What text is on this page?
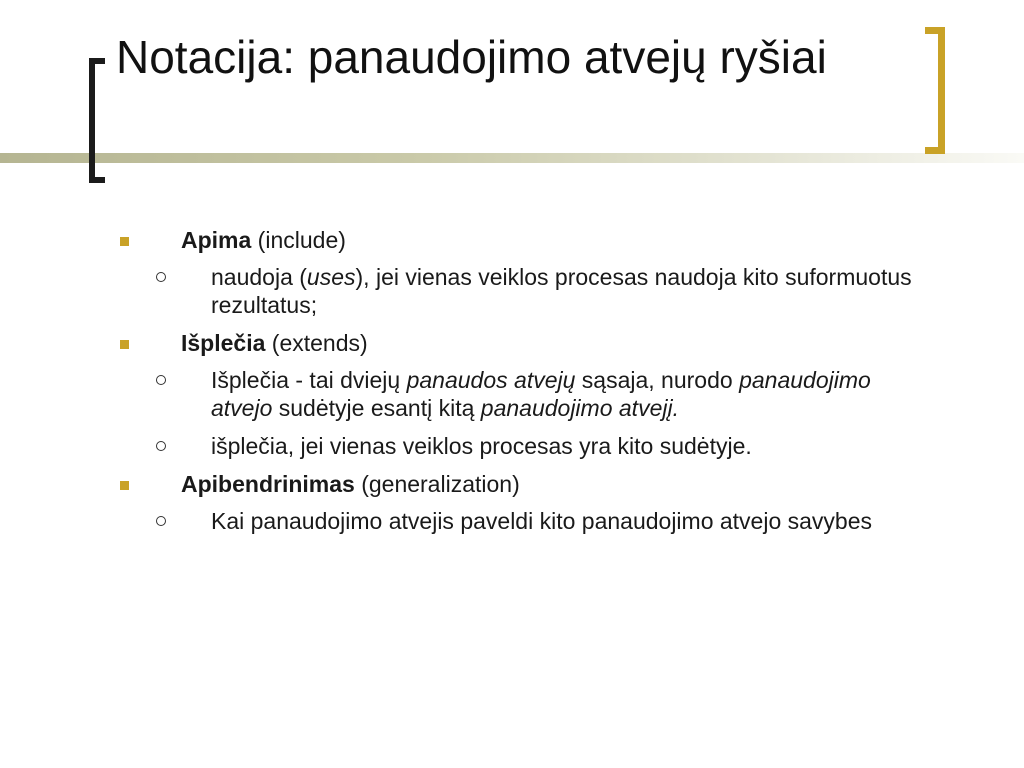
Notacija: panaudojimo atvejų ryšiai
Apima (include)
naudoja (uses), jei vienas veiklos procesas naudoja kito suformuotus rezultatus;
Išplečia (extends)
Išplečia - tai dviejų panaudos atvejų sąsaja, nurodo panaudojimo atvejo sudėtyje esantį kitą panaudojimo atvejį.
išplečia, jei vienas veiklos procesas yra kito sudėtyje.
Apibendrinimas (generalization)
Kai panaudojimo atvejis paveldi kito panaudojimo atvejo savybes
